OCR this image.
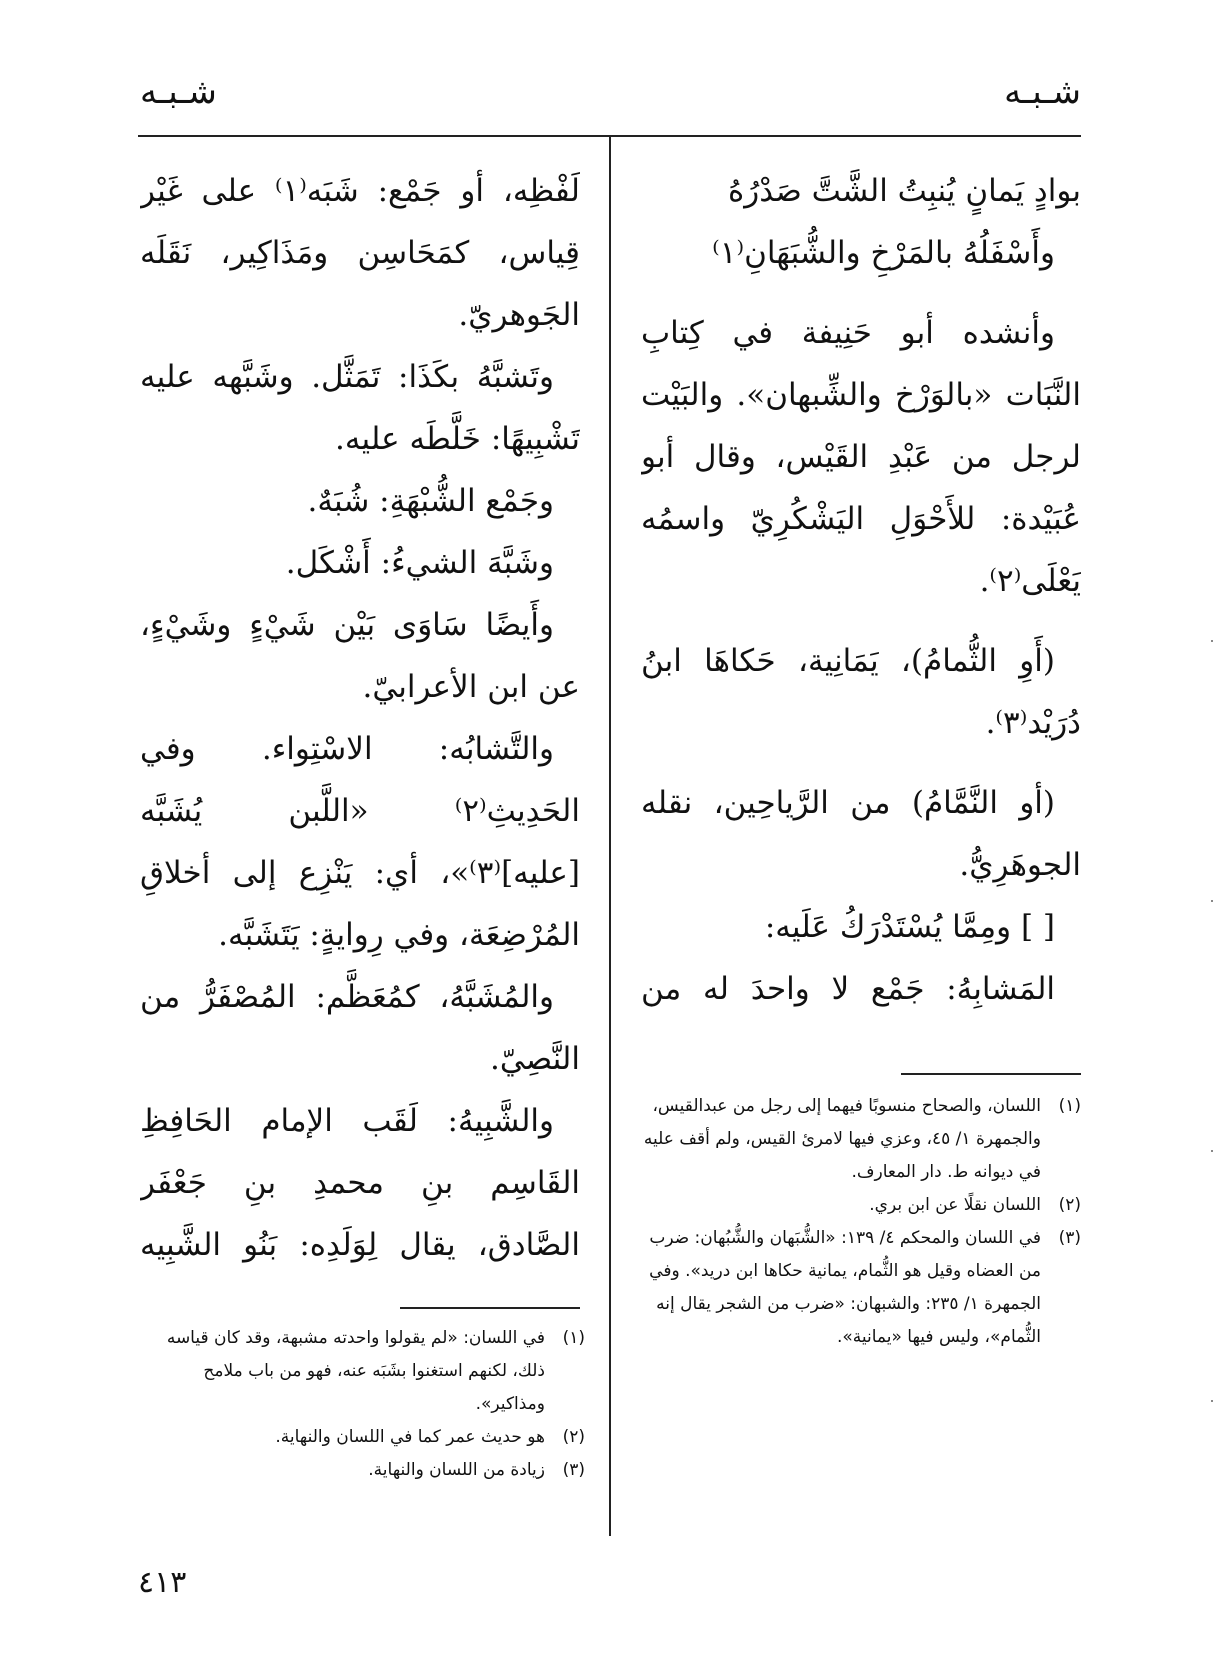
شـبـه
شـبـه
بوادٍ يَمانٍ يُنبِتُ الشَّتَّ صَدْرُهُ
وأَسْفَلُهُ بالمَرْخِ والشُّبَهَانِ⁽١⁾
وأنشده أبو حَنِيفة في كِتابِ
النَّبَات «بالوَرْخ والشِّبهان». والبَيْت
لرجل من عَبْدِ القَيْس، وقال أبو
عُبَيْدة: للأَحْوَلِ اليَشْكُرِيّ واسمُه
يَعْلَى⁽٢⁾.
(أَوِ الثُّمامُ)، يَمَانِية، حَكاهَا ابنُ
دُرَيْد⁽٣⁾.
(أو النَّمَّامُ) من الرَّياحِين، نقله
الجوهَرِيُّ.
[ ] ومِمَّا يُسْتَدْرَكُ عَلَيه:
المَشابِهُ: جَمْع لا واحدَ له من
(١)
اللسان، والصحاح منسوبًا فيهما إلى رجل من عبدالقيس، والجمهرة ١/ ٤٥، وعزي فيها لامرئ القيس، ولم أقف عليه في ديوانه ط. دار المعارف.
(٢)
اللسان نقلًا عن ابن بري.
(٣)
في اللسان والمحكم ٤/ ١٣٩: «الشُّبَهان والشُّبُهان: ضرب من العضاه وقيل هو الثُّمام، يمانية حكاها ابن دريد». وفي الجمهرة ١/ ٢٣٥: والشبهان: «ضرب من الشجر يقال إنه الثُّمام»، وليس فيها «يمانية».
لَفْظِه، أو جَمْع: شَبَه⁽١⁾ على غَيْر
قِياس، كمَحَاسِن ومَذَاكِير، نَقَلَه
الجَوهريّ.
وتَشبَّهُ بكَذَا: تَمَثَّل. وشَبَّهه عليه
تَشْبِيهًا: خَلَّطَه عليه.
وجَمْع الشُّبْهَةِ: شُبَهٌ.
وشَبَّهَ الشيءُ: أَشْكَل.
وأَيضًا سَاوَى بَيْن شَيْءٍ وشَيْءٍ،
عن ابن الأعرابيّ.
والتَّشابُه: الاسْتِواء. وفي
الحَدِيثِ⁽٢⁾ «اللَّبن يُشَبَّه
[عليه]⁽٣⁾»، أي: يَنْزِع إلى أخلاقِ
المُرْضِعَة، وفي رِوايةٍ: يَتَشَبَّه.
والمُشَبَّهُ، كمُعَظَّم: المُصْفَرُّ من
النَّصِيّ.
والشَّبِيهُ: لَقَب الإمام الحَافِظِ
القَاسِم بنِ محمدِ بنِ جَعْفَر
الصَّادق، يقال لِوَلَدِه: بَنُو الشَّبِيه
(١)
في اللسان: «لم يقولوا واحدته مشبهة، وقد كان قياسه ذلك، لكنهم استغنوا بشَبَه عنه، فهو من باب ملامح ومذاكير».
(٢)
هو حديث عمر كما في اللسان والنهاية.
(٣)
زيادة من اللسان والنهاية.
٤١٣
